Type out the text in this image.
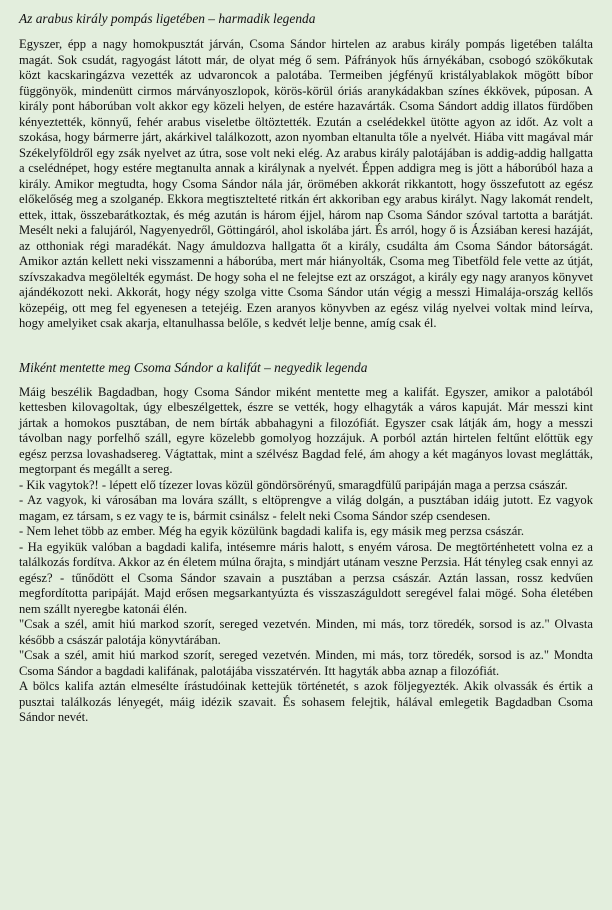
Az arabus király pompás ligetében – harmadik legenda

Egyszer, épp a nagy homokpusztát járván, Csoma Sándor hirtelen az arabus király pompás ligetében találta magát. Sok csudát, ragyogást látott már, de olyat még ő sem. Páfrányok hűs árnyékában, csobogó szökőkutak közt kacskaringázva vezették az udvaroncok a palotába. Termeiben jégfényű kristályablakok mögött bíbor függönyök, mindenütt cirmos márványoszlopok, körös-körül óriás aranykádakban színes ékkövek, púposan. A király pont háborúban volt akkor egy közeli helyen, de estére hazavárták. Csoma Sándort addig illatos fürdőben kényeztették, könnyű, fehér arabus viseletbe öltöztették. Ezután a cselédekkel ütötte agyon az időt. Az volt a szokása, hogy bármerre járt, akárkivel találkozott, azon nyomban eltanulta tőle a nyelvét. Hiába vitt magával már Székelyföldről egy zsák nyelvet az útra, sose volt neki elég. Az arabus király palotájában is addig-addig hallgatta a cselédnépet, hogy estére megtanulta annak a királynak a nyelvét. Éppen addigra meg is jött a háborúból haza a király. Amikor megtudta, hogy Csoma Sándor nála jár, örömében akkorát rikkantott, hogy összefutott az egész előkelőség meg a szolganép. Ekkora megtisztelteté ritkán ért akkoriban egy arabus királyt. Nagy lakomát rendelt, ettek, ittak, összebarátkoztak, és még azután is három éjjel, három nap Csoma Sándor szóval tartotta a barátját. Mesélt neki a falujáról, Nagyenyedről, Göttingáról, ahol iskolába járt. És arról, hogy ő is Ázsiában keresi hazáját, az otthoniak régi maradékát. Nagy ámuldozva hallgatta őt a király, csudálta ám Csoma Sándor bátorságát. Amikor aztán kellett neki visszamenni a háborúba, mert már hiányolták, Csoma meg Tibetföld fele vette az útját, szívszakadva megölelték egymást. De hogy soha el ne felejtse ezt az országot, a király egy nagy aranyos könyvet ajándékozott neki. Akkorát, hogy négy szolga vitte Csoma Sándor után végig a messzi Himalája-ország kellős közepéig, ott meg fel egyenesen a tetejéig. Ezen aranyos könyvben az egész világ nyelvei voltak mind leírva, hogy amelyiket csak akarja, eltanulhassa belőle, s kedvét lelje benne, amíg csak él.

Miként mentette meg Csoma Sándor a kalifát – negyedik legenda

Máig beszélik Bagdadban, hogy Csoma Sándor miként mentette meg a kalifát. Egyszer, amikor a palotából kettesben kilovagoltak, úgy elbeszélgettek, észre se vették, hogy elhagyták a város kapuját. Már messzi kint jártak a homokos pusztában, de nem bírták abbahagyni a filozófiát. Egyszer csak látják ám, hogy a messzi távolban nagy porfelhő száll, egyre közelebb gomolyog hozzájuk. A porból aztán hirtelen feltűnt előttük egy egész perzsa lovashadsereg. Vágtattak, mint a szélvész Bagdad felé, ám ahogy a két magányos lovast meglátták, megtorpant és megállt a sereg.
- Kik vagytok?! - lépett elő tízezer lovas közül göndörsörényű, smaragdfülű paripáján maga a perzsa császár.
- Az vagyok, ki városában ma lovára szállt, s eltöprengve a világ dolgán, a pusztában idáig jutott. Ez vagyok magam, ez társam, s ez vagy te is, bármit csinálsz - felelt neki Csoma Sándor szép csendesen.
- Nem lehet több az ember. Még ha egyik közülünk bagdadi kalifa is, egy másik meg perzsa császár.
- Ha egyikük valóban a bagdadi kalifa, intésemre máris halott, s enyém városa. De megtörténhetett volna ez a találkozás fordítva. Akkor az én életem múlna őrajta, s mindjárt utánam veszne Perzsia. Hát tényleg csak ennyi az egész? - tűnődött el Csoma Sándor szavain a pusztában a perzsa császár. Aztán lassan, rossz kedvűen megfordította paripáját. Majd erősen megsarkantyúzta és visszaszáguldott seregével falai mögé. Soha életében nem szállt nyeregbe katonái élén.
"Csak a szél, amit hiú markod szorít, sereged vezetvén. Minden, mi más, torz töredék, sorsod is az." Olvasta később a császár palotája könyvtárában.
"Csak a szél, amit hiú markod szorít, sereged vezetvén. Minden, mi más, torz töredék, sorsod is az." Mondta Csoma Sándor a bagdadi kalifának, palotájába visszatérvén. Itt hagyták abba aznap a filozófiát.
A bölcs kalifa aztán elmesélte írástudóinak kettejük történetét, s azok följegyezték. Akik olvassák és értik a pusztai találkozás lényegét, máig idézik szavait. És sohasem felejtik, hálával emlegetik Bagdadban Csoma Sándor nevét.
